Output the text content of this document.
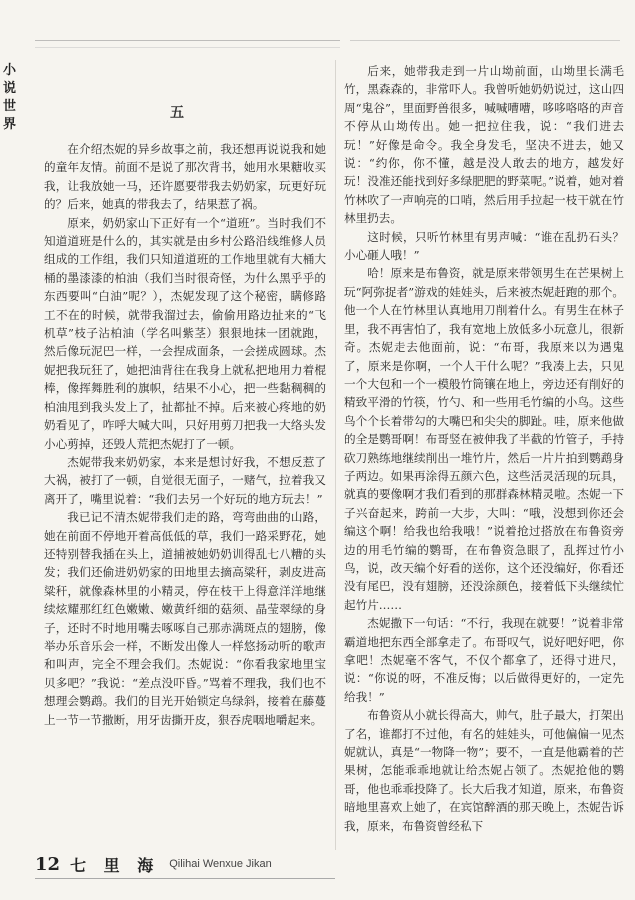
小
说
世
界
五

在介绍杰妮的异乡故事之前，我还想再说说我和她的童年友情。前面不是说了那次背书，她用水果糖收买我，让我放她一马，还许愿要带我去奶奶家，玩更好玩的？后来，她真的带我去了，结果惹了祸。

原来，奶奶家山下正好有一个“道班”。当时我们不知道道班是什么的，其实就是由乡村公路沿线维修人员组成的工作组，我们只知道道班的工作地里就有大桶大桶的墨漆漆的柏油（我们当时很奇怪，为什么黑乎乎的东西要叫“白油”呢？），杰妮发现了这个秘密，瞒修路工不在的时候，就带我溜过去，偷偷用路边扯来的“飞机草”枝子沾柏油（学名叫紫茎）狠狠地抹一团就跑，然后像玩泥巴一样，一会捏成面条，一会搓成圆球。杰妮把我玩狂了，她把油背往在我身上就私把地用力着棍棒，像挥舞胜利的旗帜，结果不小心，把一些黏稠稠的柏油甩到我头发上了，扯都扯不掉。后来被心疼地的奶奶看见了，咋呼大喊大叫，只好用剪刀把我一大络头发小心剪掉，还毁人荒把杰妮打了一顿。

杰妮带我来奶奶家，本来是想讨好我，不想反惹了大祸，被打了一顿，自觉很无面子，一赌气，拉着我又离开了，嘴里说着：“我们去另一个好玩的地方玩去！”

我已记不清杰妮带我们走的路，弯弯曲曲的山路，她在前面不停地开着高低低的草，我们一路采野花，她还特别替我插在头上，道捕被她奶奶训得乱七八糟的头发；我们还偷进奶奶家的田地里去摘高粱秆，剥皮进高粱秆，就像森林里的小精灵，停在枝干上得意洋洋地继续炫耀那红红色嫩嫩、嫩黄纤细的菇须、晶莹翠绿的身子，还时不时地用嘴去啄啄自己那赤满斑点的翅膀，像举办乐音乐会一样，不断发出像人一样悠扬动听的歌声和叫声，完全不理会我们。杰妮说：“你看我家地里宝贝多吧？”我说：“差点没吓昏。”骂着不理我，我们也不想理会鹦鹉。我们的目光开始锁定乌绿斜，接着在藤蔓上一节一节撒断，用牙齿撕开皮，狠吞虎咽地嚼起来。

后来，她带我走到一片山坳前面，山坳里长满毛竹，黑森森的，非常吓人。我曾听她奶奶说过，这山四周“鬼谷”，里面野兽很多，喊喊嘈嘈，哆哆咯咯的声音不停从山坳传出。她一把拉住我，说：“我们进去玩！”好像是命令。我全身发毛，坚决不进去，她又说：“约你，你不懂，越是没人敢去的地方，越发好玩！没准还能找到好多绿肥肥的野菜呢。”说着，她对着竹林吹了一声响亮的口哨，然后用手拉起一枝干就在竹林里扔去。

这时候，只听竹林里有男声喊：“谁在乱扔石头？小心砸人哦！”

哈！原来是布鲁资，就是原来带领男生在芒果树上玩“阿弥捉者”游戏的娃娃头，后来被杰妮赶跑的那个。他一个人在竹林里认真地用刀削着什么。有男生在林子里，我不再害怕了，我有宽地上放低多小玩意儿，很新奇。杰妮走去他面前，说：“布哥，我原来以为遇鬼了，原来是你啊，一个人干什么呢？”我凑上去，只见一个大包和一个一模般竹筒镶在地上，旁边还有削好的精致平滑的竹筷，竹勺、和一些用毛竹编的小鸟。这些鸟个个长着带勾的大嘴巴和尖尖的脚趾。哇，原来他做的全是鹦哥啊！布哥竖在被伸我了半截的竹管子，手持砍刀熟练地继续削出一堆竹片，然后一片片拍到鹦鹉身子两边。如果再涂得五颜六色，这些活灵活现的玩具，就真的要像啊才我们看到的那群森林精灵啦。杰妮一下子兴奋起来，跨前一大步，大叫：“哦，没想到你还会编这个啊！给我也给我哦！”说着抢过搭放在布鲁资旁边的用毛竹编的鹦哥，在布鲁资急眼了，乱挥过竹小鸟，说，改天编个好看的送你，这个还没编好，你看还没有尾巴，没有翅膀，还没涂颜色，接着低下头继续忙起竹片……

杰妮撒下一句话：“不行，我现在就要！”说着非常霸道地把东西全部拿走了。布哥叹气，说好吧好吧，你拿吧！杰妮毫不客气，不仅个都拿了，还得寸进尺，说：“你说的呀，不准反悔；以后做得更好的，一定先给我！”

布鲁资从小就长得高大，帅气，肚子最大，打架出了名，谁都打不过他，有名的娃娃头，可他偏偏一见杰妮就认，真是“一物降一物”；要不，一直是他霸着的芒果树，怎能乖乖地就让给杰妮占领了。杰妮抢他的鹦哥，他也乖乖投降了。长大后我才知道，原来，布鲁资暗地里喜欢上她了，在宾馆醉酒的那天晚上，杰妮告诉我，原来，布鲁资曾经私下

12 七 里 海 Qilihai Wenxue Jikan
